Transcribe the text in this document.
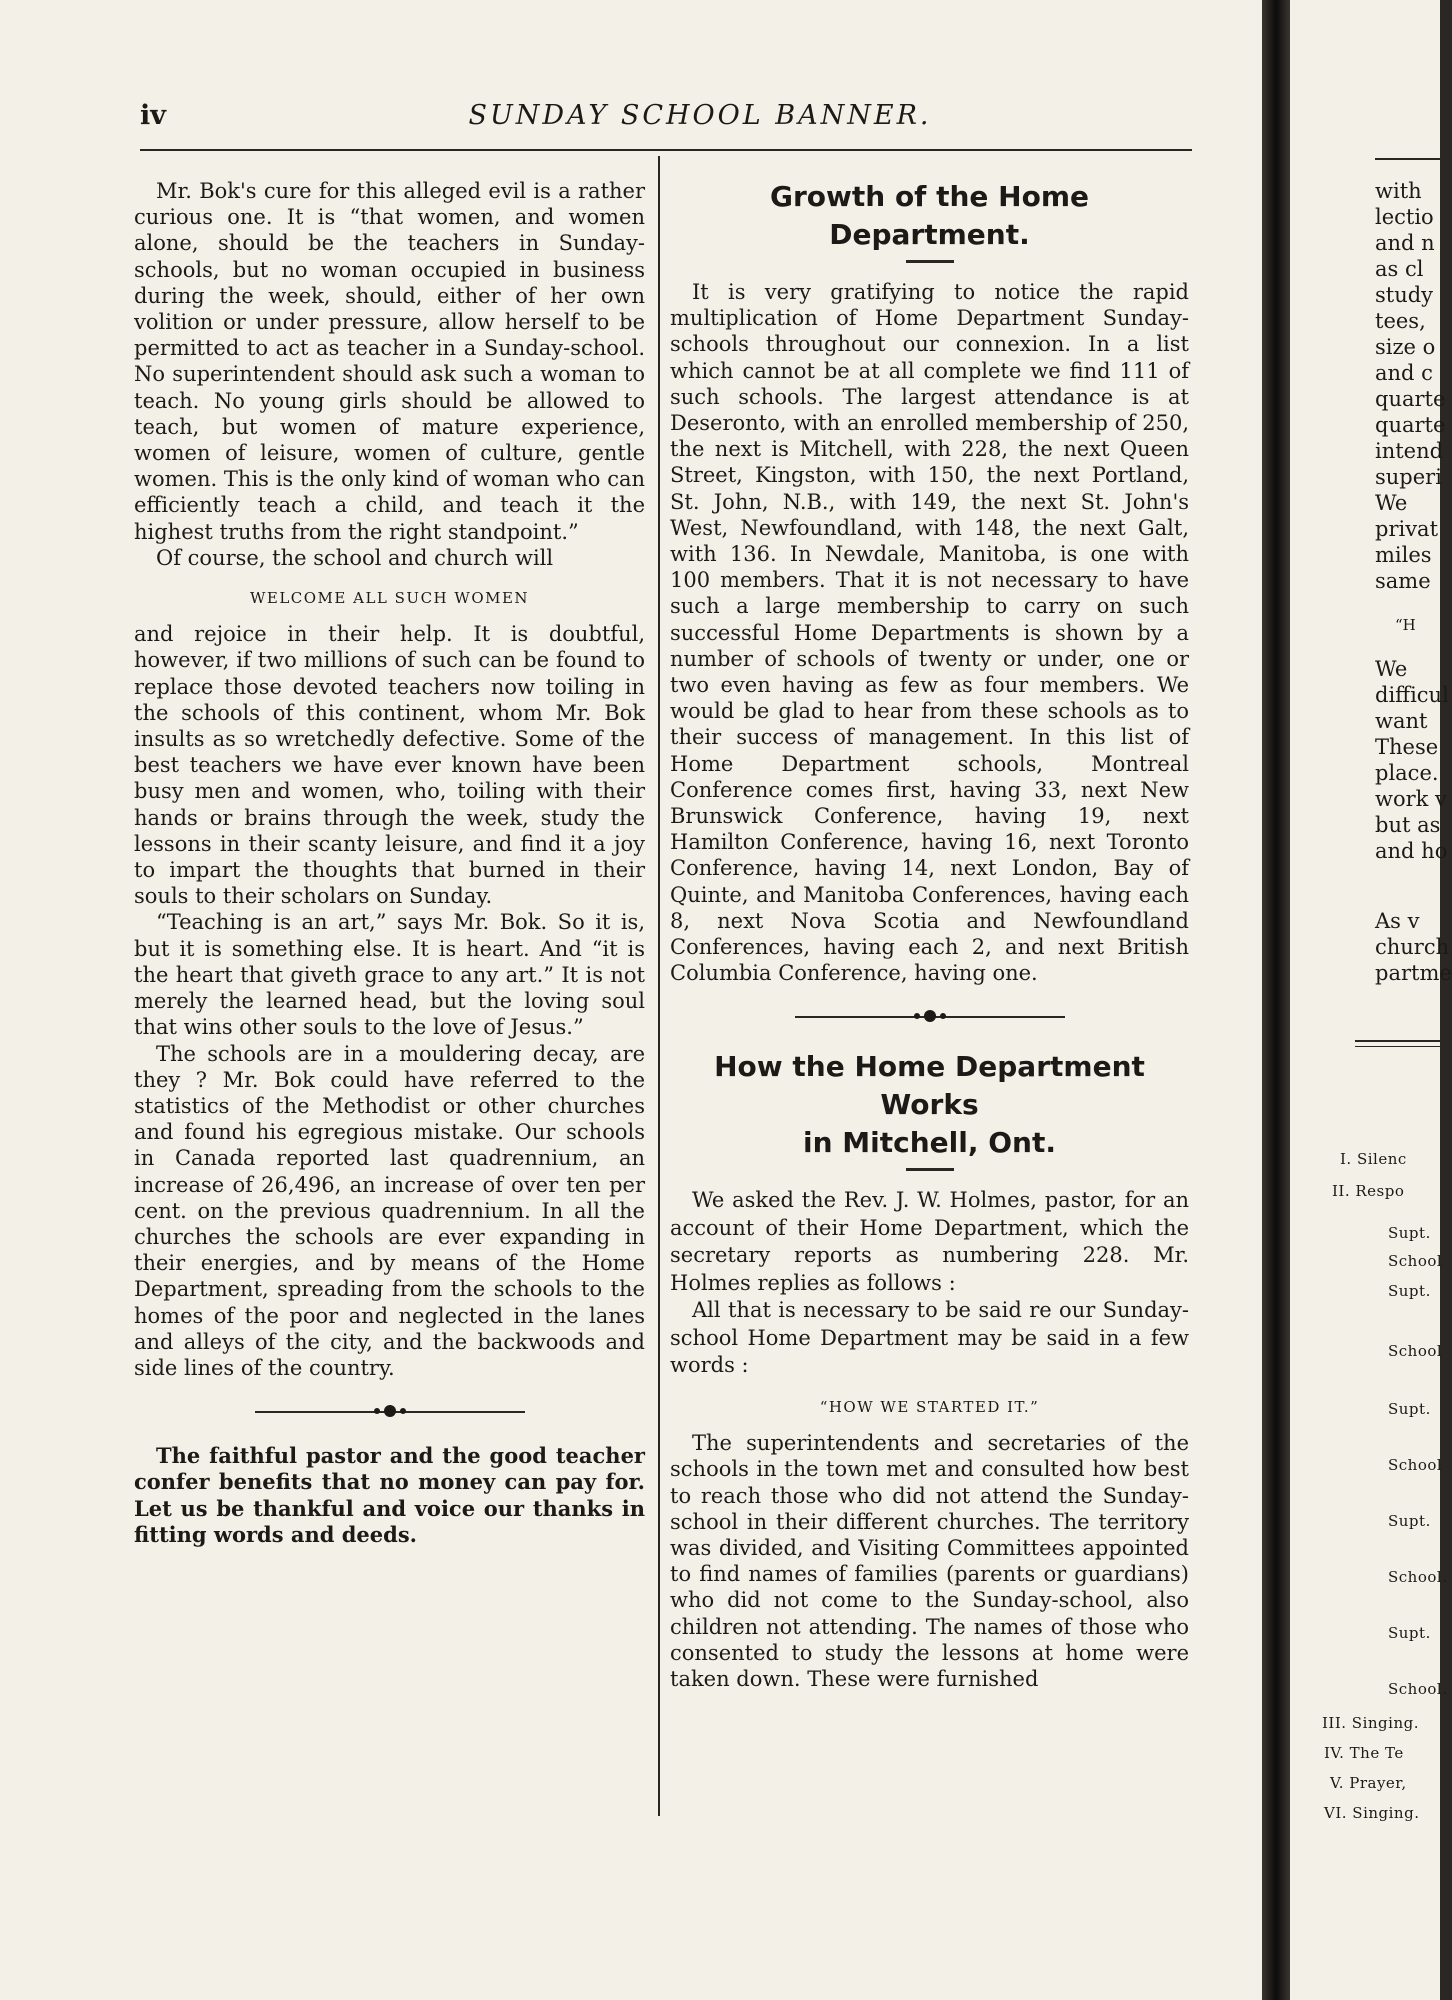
iv	SUNDAY SCHOOL BANNER.

Mr. Bok's cure for this alleged evil is a rather curious one. It is “that women, and women alone, should be the teachers in Sunday-schools, but no woman occupied in business during the week, should, either of her own volition or under pressure, allow herself to be permitted to act as teacher in a Sunday-school. No superintendent should ask such a woman to teach. No young girls should be allowed to teach, but women of mature experience, women of leisure, women of culture, gentle women. This is the only kind of woman who can efficiently teach a child, and teach it the highest truths from the right standpoint.”

Of course, the school and church will

WELCOME ALL SUCH WOMEN

and rejoice in their help. It is doubtful, however, if two millions of such can be found to replace those devoted teachers now toiling in the schools of this continent, whom Mr. Bok insults as so wretchedly defective. Some of the best teachers we have ever known have been busy men and women, who, toiling with their hands or brains through the week, study the lessons in their scanty leisure, and find it a joy to impart the thoughts that burned in their souls to their scholars on Sunday.

“Teaching is an art,” says Mr. Bok. So it is, but it is something else. It is heart. And “it is the heart that giveth grace to any art.” It is not merely the learned head, but the loving soul that wins other souls to the love of Jesus.”

The schools are in a mouldering decay, are they ? Mr. Bok could have referred to the statistics of the Methodist or other churches and found his egregious mistake. Our schools in Canada reported last quadrennium, an increase of 26,496, an increase of over ten per cent. on the previous quadrennium. In all the churches the schools are ever expanding in their energies, and by means of the Home Department, spreading from the schools to the homes of the poor and neglected in the lanes and alleys of the city, and the backwoods and side lines of the country.

The faithful pastor and the good teacher confer benefits that no money can pay for. Let us be thankful and voice our thanks in fitting words and deeds.

Growth of the Home Department.

It is very gratifying to notice the rapid multiplication of Home Department Sunday-schools throughout our connexion. In a list which cannot be at all complete we find 111 of such schools. The largest attendance is at Deseronto, with an enrolled membership of 250, the next is Mitchell, with 228, the next Queen Street, Kingston, with 150, the next Portland, St. John, N.B., with 149, the next St. John's West, Newfoundland, with 148, the next Galt, with 136. In Newdale, Manitoba, is one with 100 members. That it is not necessary to have such a large membership to carry on such successful Home Departments is shown by a number of schools of twenty or under, one or two even having as few as four members. We would be glad to hear from these schools as to their success of management. In this list of Home Department schools, Montreal Conference comes first, having 33, next New Brunswick Conference, having 19, next Hamilton Conference, having 16, next Toronto Conference, having 14, next London, Bay of Quinte, and Manitoba Conferences, having each 8, next Nova Scotia and Newfoundland Conferences, having each 2, and next British Columbia Conference, having one.

How the Home Department Works
in Mitchell, Ont.

We asked the Rev. J. W. Holmes, pastor, for an account of their Home Department, which the secretary reports as numbering 228. Mr. Holmes replies as follows :

All that is necessary to be said re our Sunday-school Home Department may be said in a few words :

“HOW WE STARTED IT.”

The superintendents and secretaries of the schools in the town met and consulted how best to reach those who did not attend the Sunday-school in their different churches. The territory was divided, and Visiting Committees appointed to find names of families (parents or guardians) who did not come to the Sunday-school, also children not attending. The names of those who consented to study the lessons at home were taken down. These were furnished

with
lectio
and n
as cl
study
tees,
size o
and c
quarte
quarte
intend
superi
We
privat
miles
same
“H
We
difficul
want
These
place.
work v
but as
and ho
As v
church
partme
I. Silenc
II. Respo
Supt.
School
Supt.
School
Supt.
School
Supt.
School.
Supt.
School.
III. Singing.
IV. The Te
V. Prayer,
VI. Singing.
